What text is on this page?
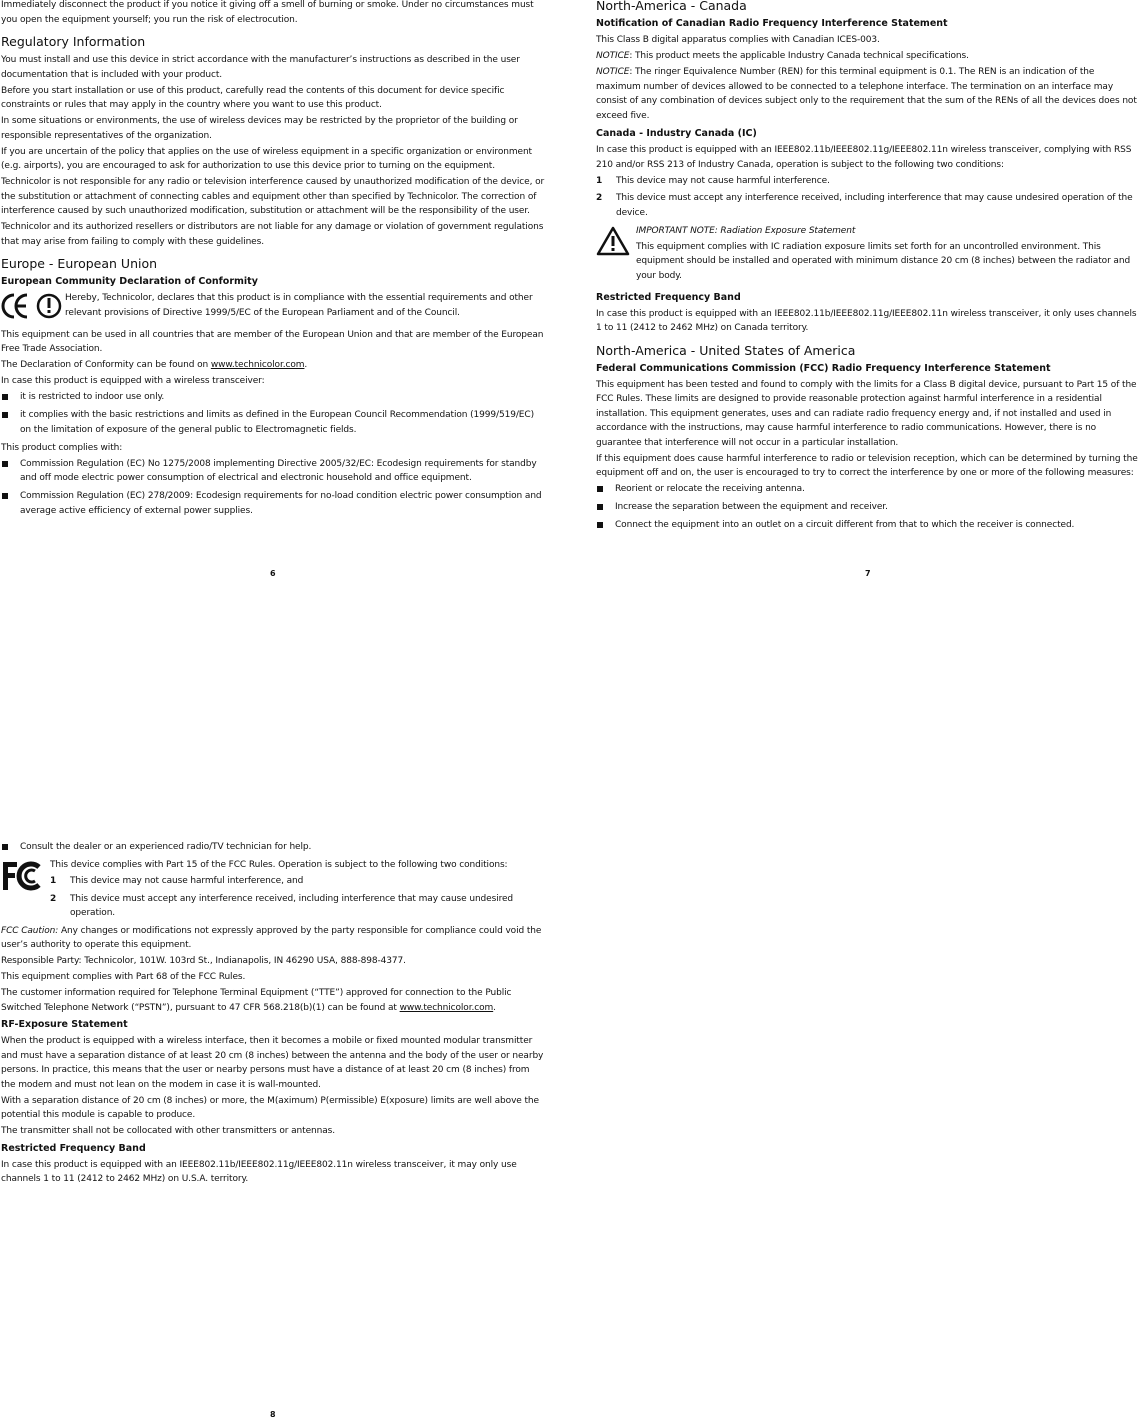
Immediately disconnect the product if you notice it giving off a smell of burning or smoke. Under no circumstances must you open the equipment yourself; you run the risk of electrocution.

Regulatory Information

You must install and use this device in strict accordance with the manufacturer’s instructions as described in the user documentation that is included with your product.

Before you start installation or use of this product, carefully read the contents of this document for device specific constraints or rules that may apply in the country where you want to use this product.

In some situations or environments, the use of wireless devices may be restricted by the proprietor of the building or responsible representatives of the organization.

If you are uncertain of the policy that applies on the use of wireless equipment in a specific organization or environment (e.g. airports), you are encouraged to ask for authorization to use this device prior to turning on the equipment.

Technicolor is not responsible for any radio or television interference caused by unauthorized modification of the device, or the substitution or attachment of connecting cables and equipment other than specified by Technicolor. The correction of interference caused by such unauthorized modification, substitution or attachment will be the responsibility of the user.

Technicolor and its authorized resellers or distributors are not liable for any damage or violation of government regulations that may arise from failing to comply with these guidelines.

Europe - European Union
European Community Declaration of Conformity

Hereby, Technicolor, declares that this product is in compliance with the essential requirements and other relevant provisions of Directive 1999/5/EC of the European Parliament and of the Council.

This equipment can be used in all countries that are member of the European Union and that are member of the European Free Trade Association.

The Declaration of Conformity can be found on www.technicolor.com.

In case this product is equipped with a wireless transceiver:

it is restricted to indoor use only.
it complies with the basic restrictions and limits as defined in the European Council Recommendation (1999/519/EC) on the limitation of exposure of the general public to Electromagnetic fields.

This product complies with:

Commission Regulation (EC) No 1275/2008 implementing Directive 2005/32/EC: Ecodesign requirements for standby and off mode electric power consumption of electrical and electronic household and office equipment.
Commission Regulation (EC) 278/2009: Ecodesign requirements for no-load condition electric power consumption and average active efficiency of external power supplies.
6
North-America - Canada
Notification of Canadian Radio Frequency Interference Statement

This Class B digital apparatus complies with Canadian ICES-003.

NOTICE: This product meets the applicable Industry Canada technical specifications.

NOTICE: The ringer Equivalence Number (REN) for this terminal equipment is 0.1. The REN is an indication of the maximum number of devices allowed to be connected to a telephone interface. The termination on an interface may consist of any combination of devices subject only to the requirement that the sum of the RENs of all the devices does not exceed five.

Canada - Industry Canada (IC)

In case this product is equipped with an IEEE802.11b/IEEE802.11g/IEEE802.11n wireless transceiver, complying with RSS 210 and/or RSS 213 of Industry Canada, operation is subject to the following two conditions:

1	This device may not cause harmful interference.
2	This device must accept any interference received, including interference that may cause undesired operation of the device.

IMPORTANT NOTE: Radiation Exposure Statement

This equipment complies with IC radiation exposure limits set forth for an uncontrolled environment. This equipment should be installed and operated with minimum distance 20 cm (8 inches) between the radiator and your body.

Restricted Frequency Band

In case this product is equipped with an IEEE802.11b/IEEE802.11g/IEEE802.11n wireless transceiver, it only uses channels 1 to 11 (2412 to 2462 MHz) on Canada territory.

North-America - United States of America
Federal Communications Commission (FCC) Radio Frequency Interference Statement

This equipment has been tested and found to comply with the limits for a Class B digital device, pursuant to Part 15 of the FCC Rules. These limits are designed to provide reasonable protection against harmful interference in a residential installation. This equipment generates, uses and can radiate radio frequency energy and, if not installed and used in accordance with the instructions, may cause harmful interference to radio communications. However, there is no guarantee that interference will not occur in a particular installation.

If this equipment does cause harmful interference to radio or television reception, which can be determined by turning the equipment off and on, the user is encouraged to try to correct the interference by one or more of the following measures:

Reorient or relocate the receiving antenna.
Increase the separation between the equipment and receiver.
Connect the equipment into an outlet on a circuit different from that to which the receiver is connected.
7
Consult the dealer or an experienced radio/TV technician for help.

This device complies with Part 15 of the FCC Rules. Operation is subject to the following two conditions:

1	This device may not cause harmful interference, and
2	This device must accept any interference received, including interference that may cause undesired operation.

FCC Caution: Any changes or modifications not expressly approved by the party responsible for compliance could void the user’s authority to operate this equipment.

Responsible Party: Technicolor, 101W. 103rd St., Indianapolis, IN 46290 USA, 888-898-4377.

This equipment complies with Part 68 of the FCC Rules.

The customer information required for Telephone Terminal Equipment (“TTE”) approved for connection to the Public Switched Telephone Network (“PSTN”), pursuant to 47 CFR 568.218(b)(1) can be found at www.technicolor.com.

RF-Exposure Statement

When the product is equipped with a wireless interface, then it becomes a mobile or fixed mounted modular transmitter and must have a separation distance of at least 20 cm (8 inches) between the antenna and the body of the user or nearby persons. In practice, this means that the user or nearby persons must have a distance of at least 20 cm (8 inches) from the modem and must not lean on the modem in case it is wall-mounted.

With a separation distance of 20 cm (8 inches) or more, the M(aximum) P(ermissible) E(xposure) limits are well above the potential this module is capable to produce.

The transmitter shall not be collocated with other transmitters or antennas.

Restricted Frequency Band

In case this product is equipped with an IEEE802.11b/IEEE802.11g/IEEE802.11n wireless transceiver, it may only use channels 1 to 11 (2412 to 2462 MHz) on U.S.A. territory.

8
